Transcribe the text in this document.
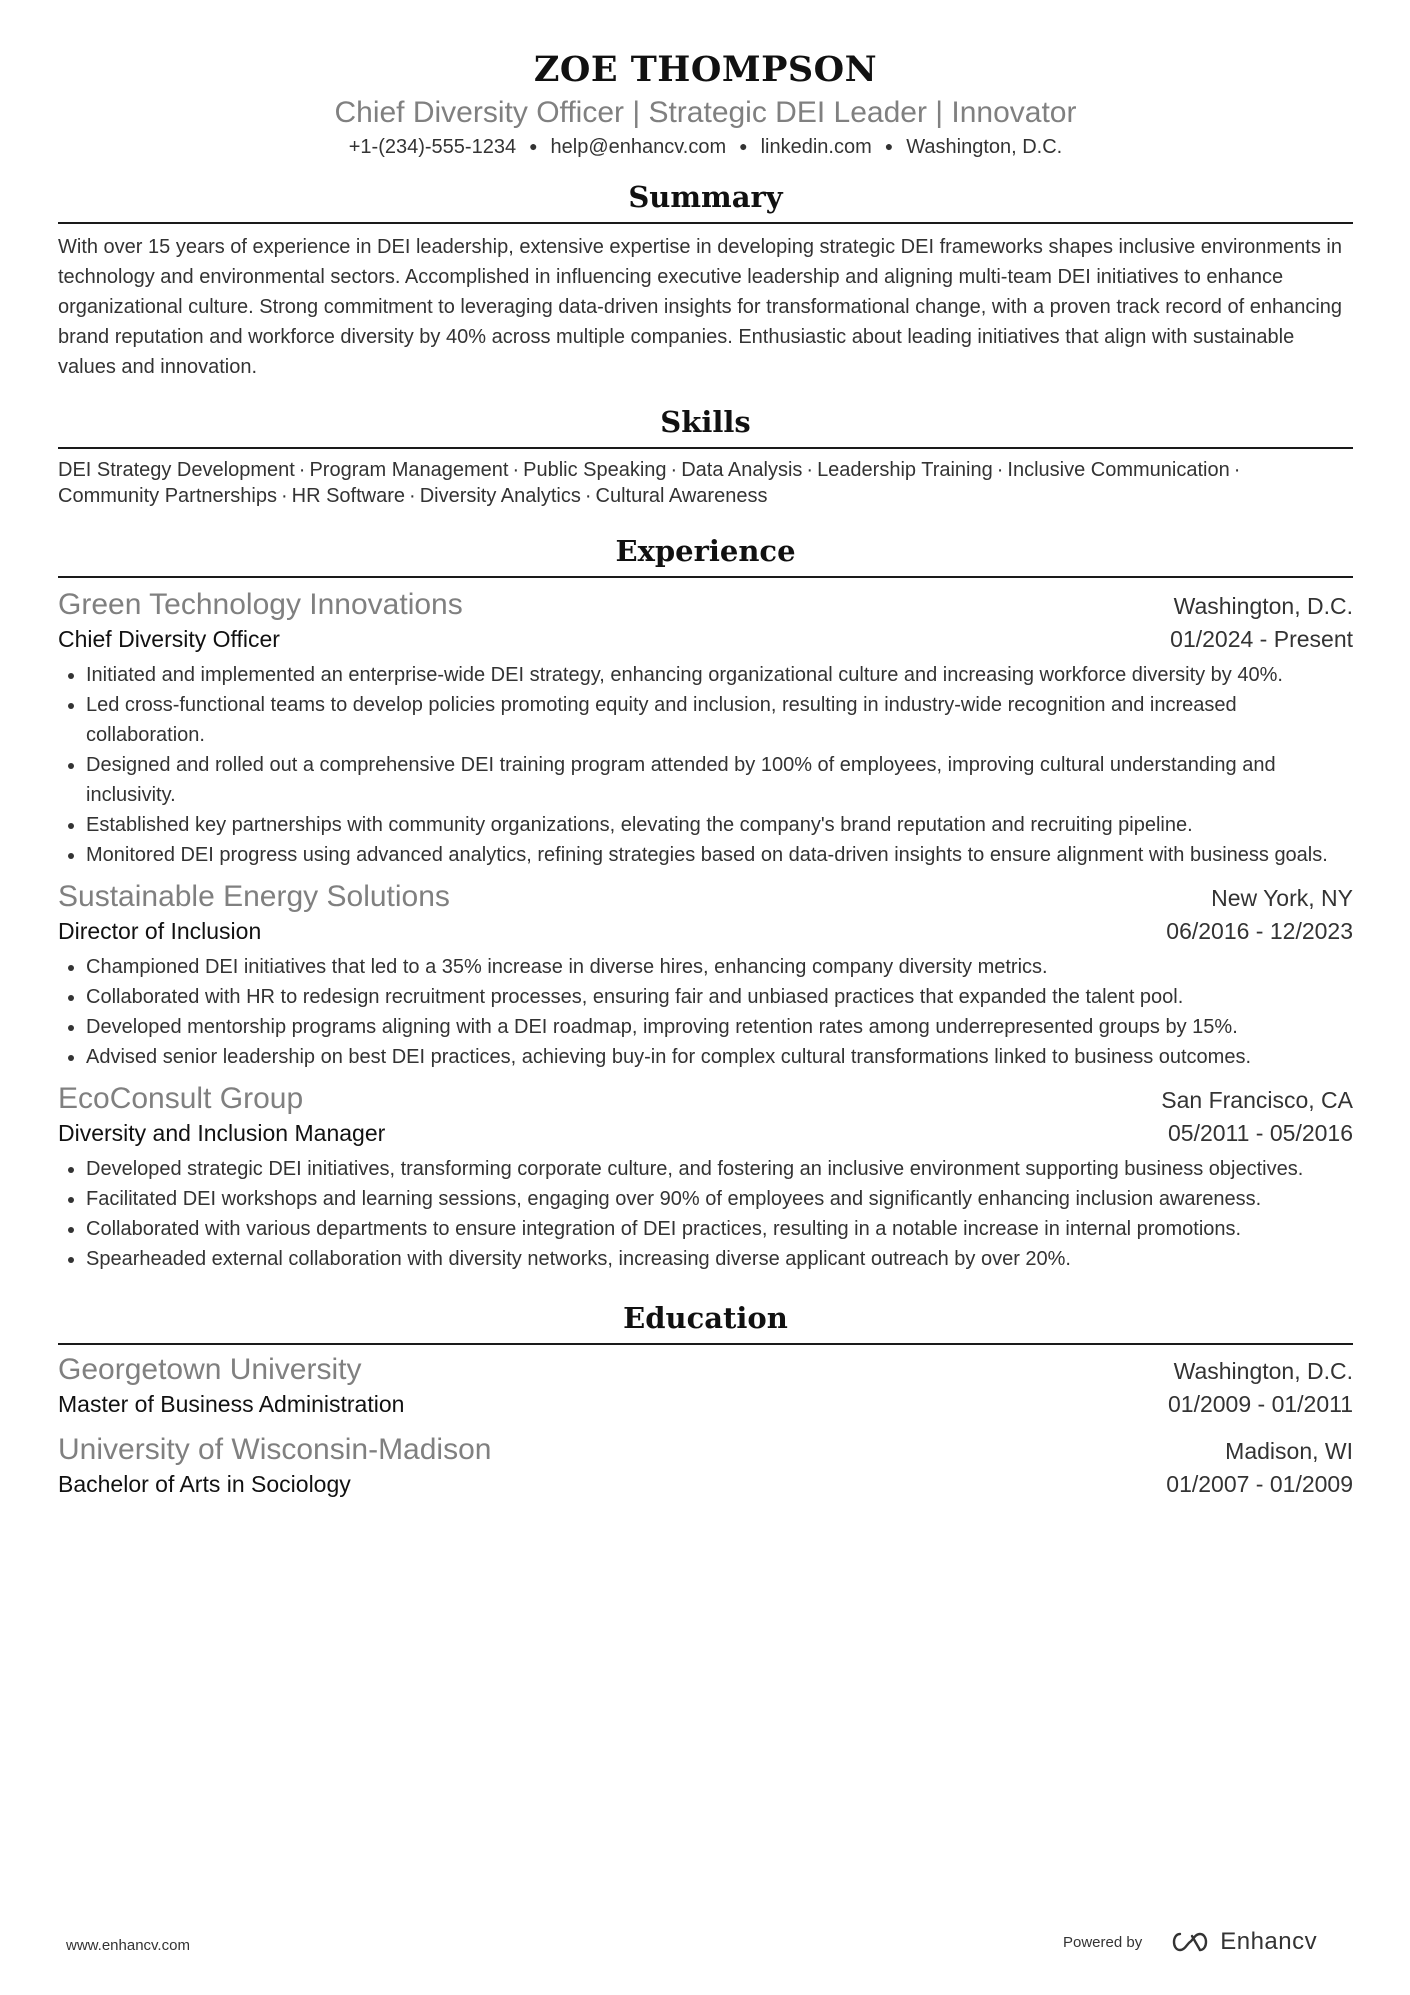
ZOE THOMPSON
Chief Diversity Officer | Strategic DEI Leader | Innovator
+1-(234)-555-1234 ● help@enhancv.com ● linkedin.com ● Washington, D.C.
Summary
With over 15 years of experience in DEI leadership, extensive expertise in developing strategic DEI frameworks shapes inclusive environments in technology and environmental sectors. Accomplished in influencing executive leadership and aligning multi-team DEI initiatives to enhance organizational culture. Strong commitment to leveraging data-driven insights for transformational change, with a proven track record of enhancing brand reputation and workforce diversity by 40% across multiple companies. Enthusiastic about leading initiatives that align with sustainable values and innovation.
Skills
DEI Strategy Development · Program Management · Public Speaking · Data Analysis · Leadership Training · Inclusive Communication ·
Community Partnerships · HR Software · Diversity Analytics · Cultural Awareness
Experience
Green Technology Innovations	Washington, D.C.
Chief Diversity Officer	01/2024 - Present
• Initiated and implemented an enterprise-wide DEI strategy, enhancing organizational culture and increasing workforce diversity by 40%.
• Led cross-functional teams to develop policies promoting equity and inclusion, resulting in industry-wide recognition and increased collaboration.
• Designed and rolled out a comprehensive DEI training program attended by 100% of employees, improving cultural understanding and inclusivity.
• Established key partnerships with community organizations, elevating the company's brand reputation and recruiting pipeline.
• Monitored DEI progress using advanced analytics, refining strategies based on data-driven insights to ensure alignment with business goals.
Sustainable Energy Solutions	New York, NY
Director of Inclusion	06/2016 - 12/2023
• Championed DEI initiatives that led to a 35% increase in diverse hires, enhancing company diversity metrics.
• Collaborated with HR to redesign recruitment processes, ensuring fair and unbiased practices that expanded the talent pool.
• Developed mentorship programs aligning with a DEI roadmap, improving retention rates among underrepresented groups by 15%.
• Advised senior leadership on best DEI practices, achieving buy-in for complex cultural transformations linked to business outcomes.
EcoConsult Group	San Francisco, CA
Diversity and Inclusion Manager	05/2011 - 05/2016
• Developed strategic DEI initiatives, transforming corporate culture, and fostering an inclusive environment supporting business objectives.
• Facilitated DEI workshops and learning sessions, engaging over 90% of employees and significantly enhancing inclusion awareness.
• Collaborated with various departments to ensure integration of DEI practices, resulting in a notable increase in internal promotions.
• Spearheaded external collaboration with diversity networks, increasing diverse applicant outreach by over 20%.
Education
Georgetown University	Washington, D.C.
Master of Business Administration	01/2009 - 01/2011
University of Wisconsin-Madison	Madison, WI
Bachelor of Arts in Sociology	01/2007 - 01/2009
www.enhancv.com	Powered by	Enhancv
